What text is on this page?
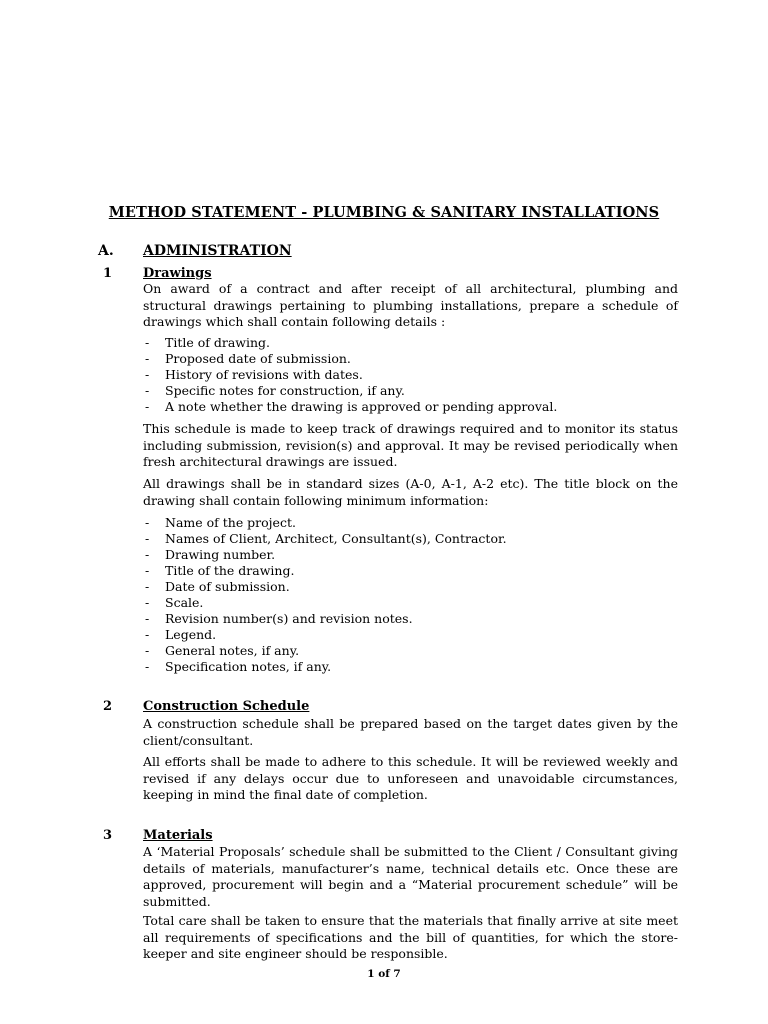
METHOD STATEMENT - PLUMBING & SANITARY INSTALLATIONS
A. ADMINISTRATION
1 Drawings
On award of a contract and after receipt of all architectural, plumbing and structural drawings pertaining to plumbing installations, prepare a schedule of drawings which shall contain following details :
- Title of drawing.
- Proposed date of submission.
- History of revisions with dates.
- Specific notes for construction, if any.
- A note whether the drawing is approved or pending approval.
This schedule is made to keep track of drawings required and to monitor its status including submission, revision(s) and approval. It may be revised periodically when fresh architectural drawings are issued.
All drawings shall be in standard sizes (A-0, A-1, A-2 etc). The title block on the drawing shall contain following minimum information:
- Name of the project.
- Names of Client, Architect, Consultant(s), Contractor.
- Drawing number.
- Title of the drawing.
- Date of submission.
- Scale.
- Revision number(s) and revision notes.
- Legend.
- General notes, if any.
- Specification notes, if any.
2 Construction Schedule
A construction schedule shall be prepared based on the target dates given by the client/consultant.
All efforts shall be made to adhere to this schedule. It will be reviewed weekly and revised if any delays occur due to unforeseen and unavoidable circumstances, keeping in mind the final date of completion.
3 Materials
A ‘Material Proposals’ schedule shall be submitted to the Client / Consultant giving details of materials, manufacturer’s name, technical details etc. Once these are approved, procurement will begin and a “Material procurement schedule” will be submitted.
Total care shall be taken to ensure that the materials that finally arrive at site meet all requirements of specifications and the bill of quantities, for which the store-keeper and site engineer should be responsible.
1 of 7
